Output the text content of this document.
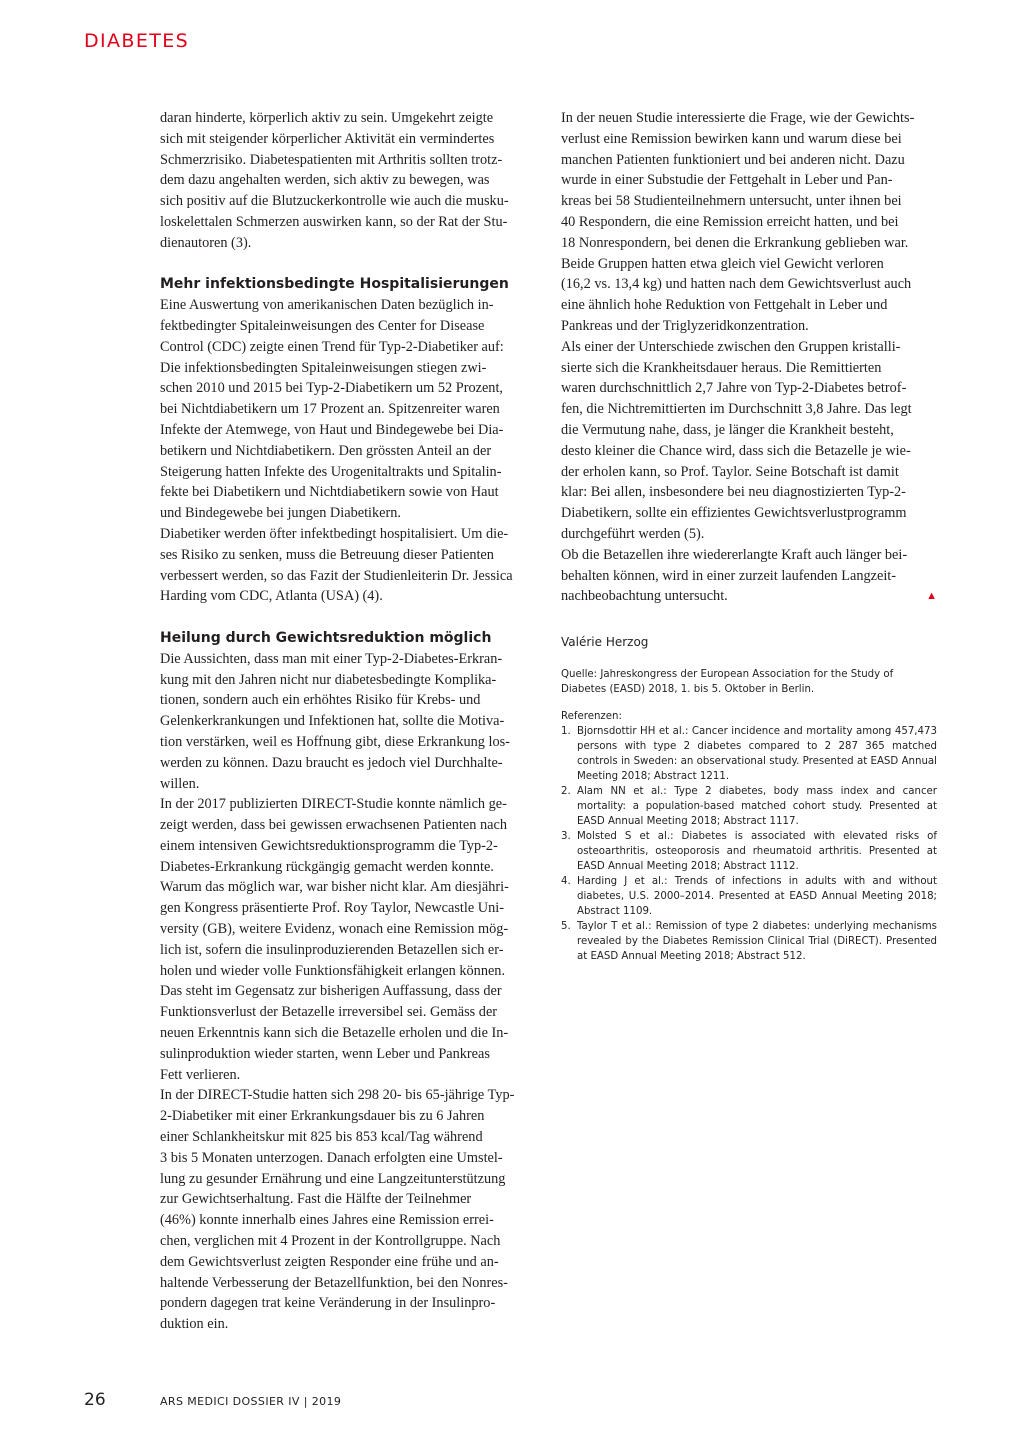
DIABETES

daran hinderte, körperlich aktiv zu sein. Umgekehrt zeigte
sich mit steigender körperlicher Aktivität ein vermindertes
Schmerzrisiko. Diabetespatienten mit Arthritis sollten trotz-
dem dazu angehalten werden, sich aktiv zu bewegen, was
sich positiv auf die Blutzuckerkontrolle wie auch die musku-
loskelettalen Schmerzen auswirken kann, so der Rat der Stu-
dienautoren (3).

Mehr infektionsbedingte Hospitalisierungen

Eine Auswertung von amerikanischen Daten bezüglich in-
fektbedingter Spitaleinweisungen des Center for Disease
Control (CDC) zeigte einen Trend für Typ-2-Diabetiker auf:
Die infektionsbedingten Spitaleinweisungen stiegen zwi-
schen 2010 und 2015 bei Typ-2-Diabetikern um 52 Prozent,
bei Nichtdiabetikern um 17 Prozent an. Spitzenreiter waren
Infekte der Atemwege, von Haut und Bindegewebe bei Dia-
betikern und Nichtdiabetikern. Den grössten Anteil an der
Steigerung hatten Infekte des Urogenitaltrakts und Spitalin-
fekte bei Diabetikern und Nichtdiabetikern sowie von Haut
und Bindegewebe bei jungen Diabetikern.
Diabetiker werden öfter infektbedingt hospitalisiert. Um die-
ses Risiko zu senken, muss die Betreuung dieser Patienten
verbessert werden, so das Fazit der Studienleiterin Dr. Jessica
Harding vom CDC, Atlanta (USA) (4).

Heilung durch Gewichtsreduktion möglich

Die Aussichten, dass man mit einer Typ-2-Diabetes-Erkran-
kung mit den Jahren nicht nur diabetesbedingte Komplika-
tionen, sondern auch ein erhöhtes Risiko für Krebs- und
Gelenkerkrankungen und Infektionen hat, sollte die Motiva-
tion verstärken, weil es Hoffnung gibt, diese Erkrankung los-
werden zu können. Dazu braucht es jedoch viel Durchhalte-
willen.
In der 2017 publizierten DIRECT-Studie konnte nämlich ge-
zeigt werden, dass bei gewissen erwachsenen Patienten nach
einem intensiven Gewichtsreduktionsprogramm die Typ-2-
Diabetes-Erkrankung rückgängig gemacht werden konnte.
Warum das möglich war, war bisher nicht klar. Am diesjähri-
gen Kongress präsentierte Prof. Roy Taylor, Newcastle Uni-
versity (GB), weitere Evidenz, wonach eine Remission mög-
lich ist, sofern die insulinproduzierenden Betazellen sich er-
holen und wieder volle Funktionsfähigkeit erlangen können.
Das steht im Gegensatz zur bisherigen Auffassung, dass der
Funktionsverlust der Betazelle irreversibel sei. Gemäss der
neuen Erkenntnis kann sich die Betazelle erholen und die In-
sulinproduktion wieder starten, wenn Leber und Pankreas
Fett verlieren.
In der DIRECT-Studie hatten sich 298 20- bis 65-jährige Typ-
2-Diabetiker mit einer Erkrankungsdauer bis zu 6 Jahren
einer Schlankheitskur mit 825 bis 853 kcal/Tag während
3 bis 5 Monaten unterzogen. Danach erfolgten eine Umstel-
lung zu gesunder Ernährung und eine Langzeitunterstützung
zur Gewichtserhaltung. Fast die Hälfte der Teilnehmer
(46%) konnte innerhalb eines Jahres eine Remission errei-
chen, verglichen mit 4 Prozent in der Kontrollgruppe. Nach
dem Gewichtsverlust zeigten Responder eine frühe und an-
haltende Verbesserung der Betazellfunktion, bei den Nonres-
pondern dagegen trat keine Veränderung in der Insulinpro-
duktion ein.

In der neuen Studie interessierte die Frage, wie der Gewichts-
verlust eine Remission bewirken kann und warum diese bei
manchen Patienten funktioniert und bei anderen nicht. Dazu
wurde in einer Substudie der Fettgehalt in Leber und Pan-
kreas bei 58 Studienteilnehmern untersucht, unter ihnen bei
40 Respondern, die eine Remission erreicht hatten, und bei
18 Nonrespondern, bei denen die Erkrankung geblieben war.
Beide Gruppen hatten etwa gleich viel Gewicht verloren
(16,2 vs. 13,4 kg) und hatten nach dem Gewichtsverlust auch
eine ähnlich hohe Reduktion von Fettgehalt in Leber und
Pankreas und der Triglyzeridkonzentration.
Als einer der Unterschiede zwischen den Gruppen kristalli-
sierte sich die Krankheitsdauer heraus. Die Remittierten
waren durchschnittlich 2,7 Jahre von Typ-2-Diabetes betrof-
fen, die Nichtremittierten im Durchschnitt 3,8 Jahre. Das legt
die Vermutung nahe, dass, je länger die Krankheit besteht,
desto kleiner die Chance wird, dass sich die Betazelle je wie-
der erholen kann, so Prof. Taylor. Seine Botschaft ist damit
klar: Bei allen, insbesondere bei neu diagnostizierten Typ-2-
Diabetikern, sollte ein effizientes Gewichtsverlustprogramm
durchgeführt werden (5).
Ob die Betazellen ihre wiedererlangte Kraft auch länger bei-
behalten können, wird in einer zurzeit laufenden Langzeit-
nachbeobachtung untersucht.	▲

Valérie Herzog
Quelle: Jahreskongress der European Association for the Study of Diabetes (EASD) 2018, 1. bis 5. Oktober in Berlin.
Referenzen:
1. Bjornsdottir HH et al.: Cancer incidence and mortality among 457,473 persons with type 2 diabetes compared to 2 287 365 matched controls in Sweden: an observational study. Presented at EASD Annual Meeting 2018; Abstract 1211.
2. Alam NN et al.: Type 2 diabetes, body mass index and cancer mortality: a population-based matched cohort study. Presented at EASD Annual Meeting 2018; Abstract 1117.
3. Molsted S et al.: Diabetes is associated with elevated risks of osteoarthritis, osteoporosis and rheumatoid arthritis. Presented at EASD Annual Meeting 2018; Abstract 1112.
4. Harding J et al.: Trends of infections in adults with and without diabetes, U.S. 2000–2014. Presented at EASD Annual Meeting 2018; Abstract 1109.
5. Taylor T et al.: Remission of type 2 diabetes: underlying mechanisms revealed by the Diabetes Remission Clinical Trial (DiRECT). Presented at EASD Annual Meeting 2018; Abstract 512.
26	ARS MEDICI DOSSIER IV | 2019
